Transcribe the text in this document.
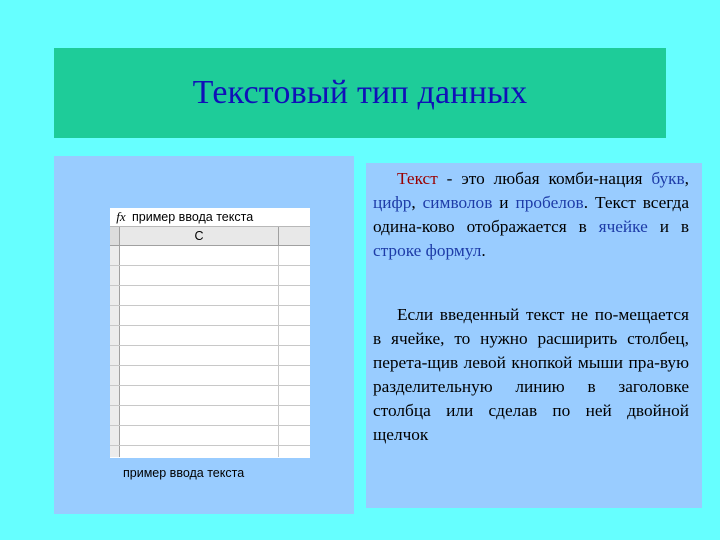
Текстовый тип данных
fx пример ввода текста
C
пример ввода текста
Текст - это любая комби-нация букв, цифр, символов и пробелов. Текст всегда одина-ково отображается в ячейке и в строке формул.
Если введенный текст не по-мещается в ячейке, то нужно расширить столбец, перета-щив левой кнопкой мыши пра-вую разделительную линию в заголовке столбца или сделав по ней двойной щелчок
